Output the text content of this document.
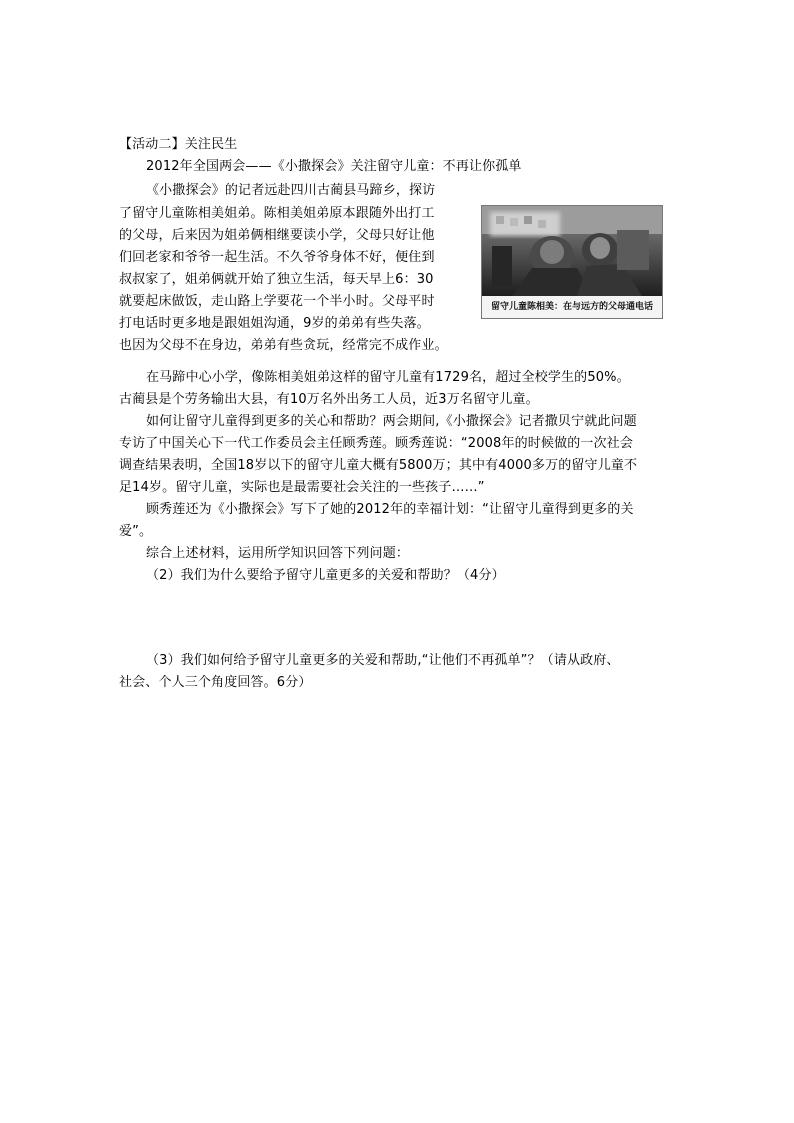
【活动二】关注民生
2012年全国两会——《小撒探会》关注留守儿童：不再让你孤单
《小撒探会》的记者远赴四川古蔺县马蹄乡，探访
了留守儿童陈相美姐弟。陈相美姐弟原本跟随外出打工
的父母，后来因为姐弟俩相继要读小学，父母只好让他
们回老家和爷爷一起生活。不久爷爷身体不好，便住到
叔叔家了，姐弟俩就开始了独立生活，每天早上6：30
就要起床做饭，走山路上学要花一个半小时。父母平时
打电话时更多地是跟姐姐沟通，9岁的弟弟有些失落。
也因为父母不在身边，弟弟有些贪玩，经常完不成作业。
留守儿童陈相美：在与远方的父母通电话
在马蹄中心小学，像陈相美姐弟这样的留守儿童有1729名，超过全校学生的50%。
古蔺县是个劳务输出大县，有10万名外出务工人员，近3万名留守儿童。
如何让留守儿童得到更多的关心和帮助？两会期间,《小撒探会》记者撒贝宁就此问题
专访了中国关心下一代工作委员会主任顾秀莲。顾秀莲说：“2008年的时候做的一次社会
调查结果表明，全国18岁以下的留守儿童大概有5800万；其中有4000多万的留守儿童不
足14岁。留守儿童，实际也是最需要社会关注的一些孩子……”
顾秀莲还为《小撒探会》写下了她的2012年的幸福计划：“让留守儿童得到更多的关
爱”。
综合上述材料，运用所学知识回答下列问题：
（2）我们为什么要给予留守儿童更多的关爱和帮助？（4分）
（3）我们如何给予留守儿童更多的关爱和帮助,“让他们不再孤单”？（请从政府、
社会、个人三个角度回答。6分）
